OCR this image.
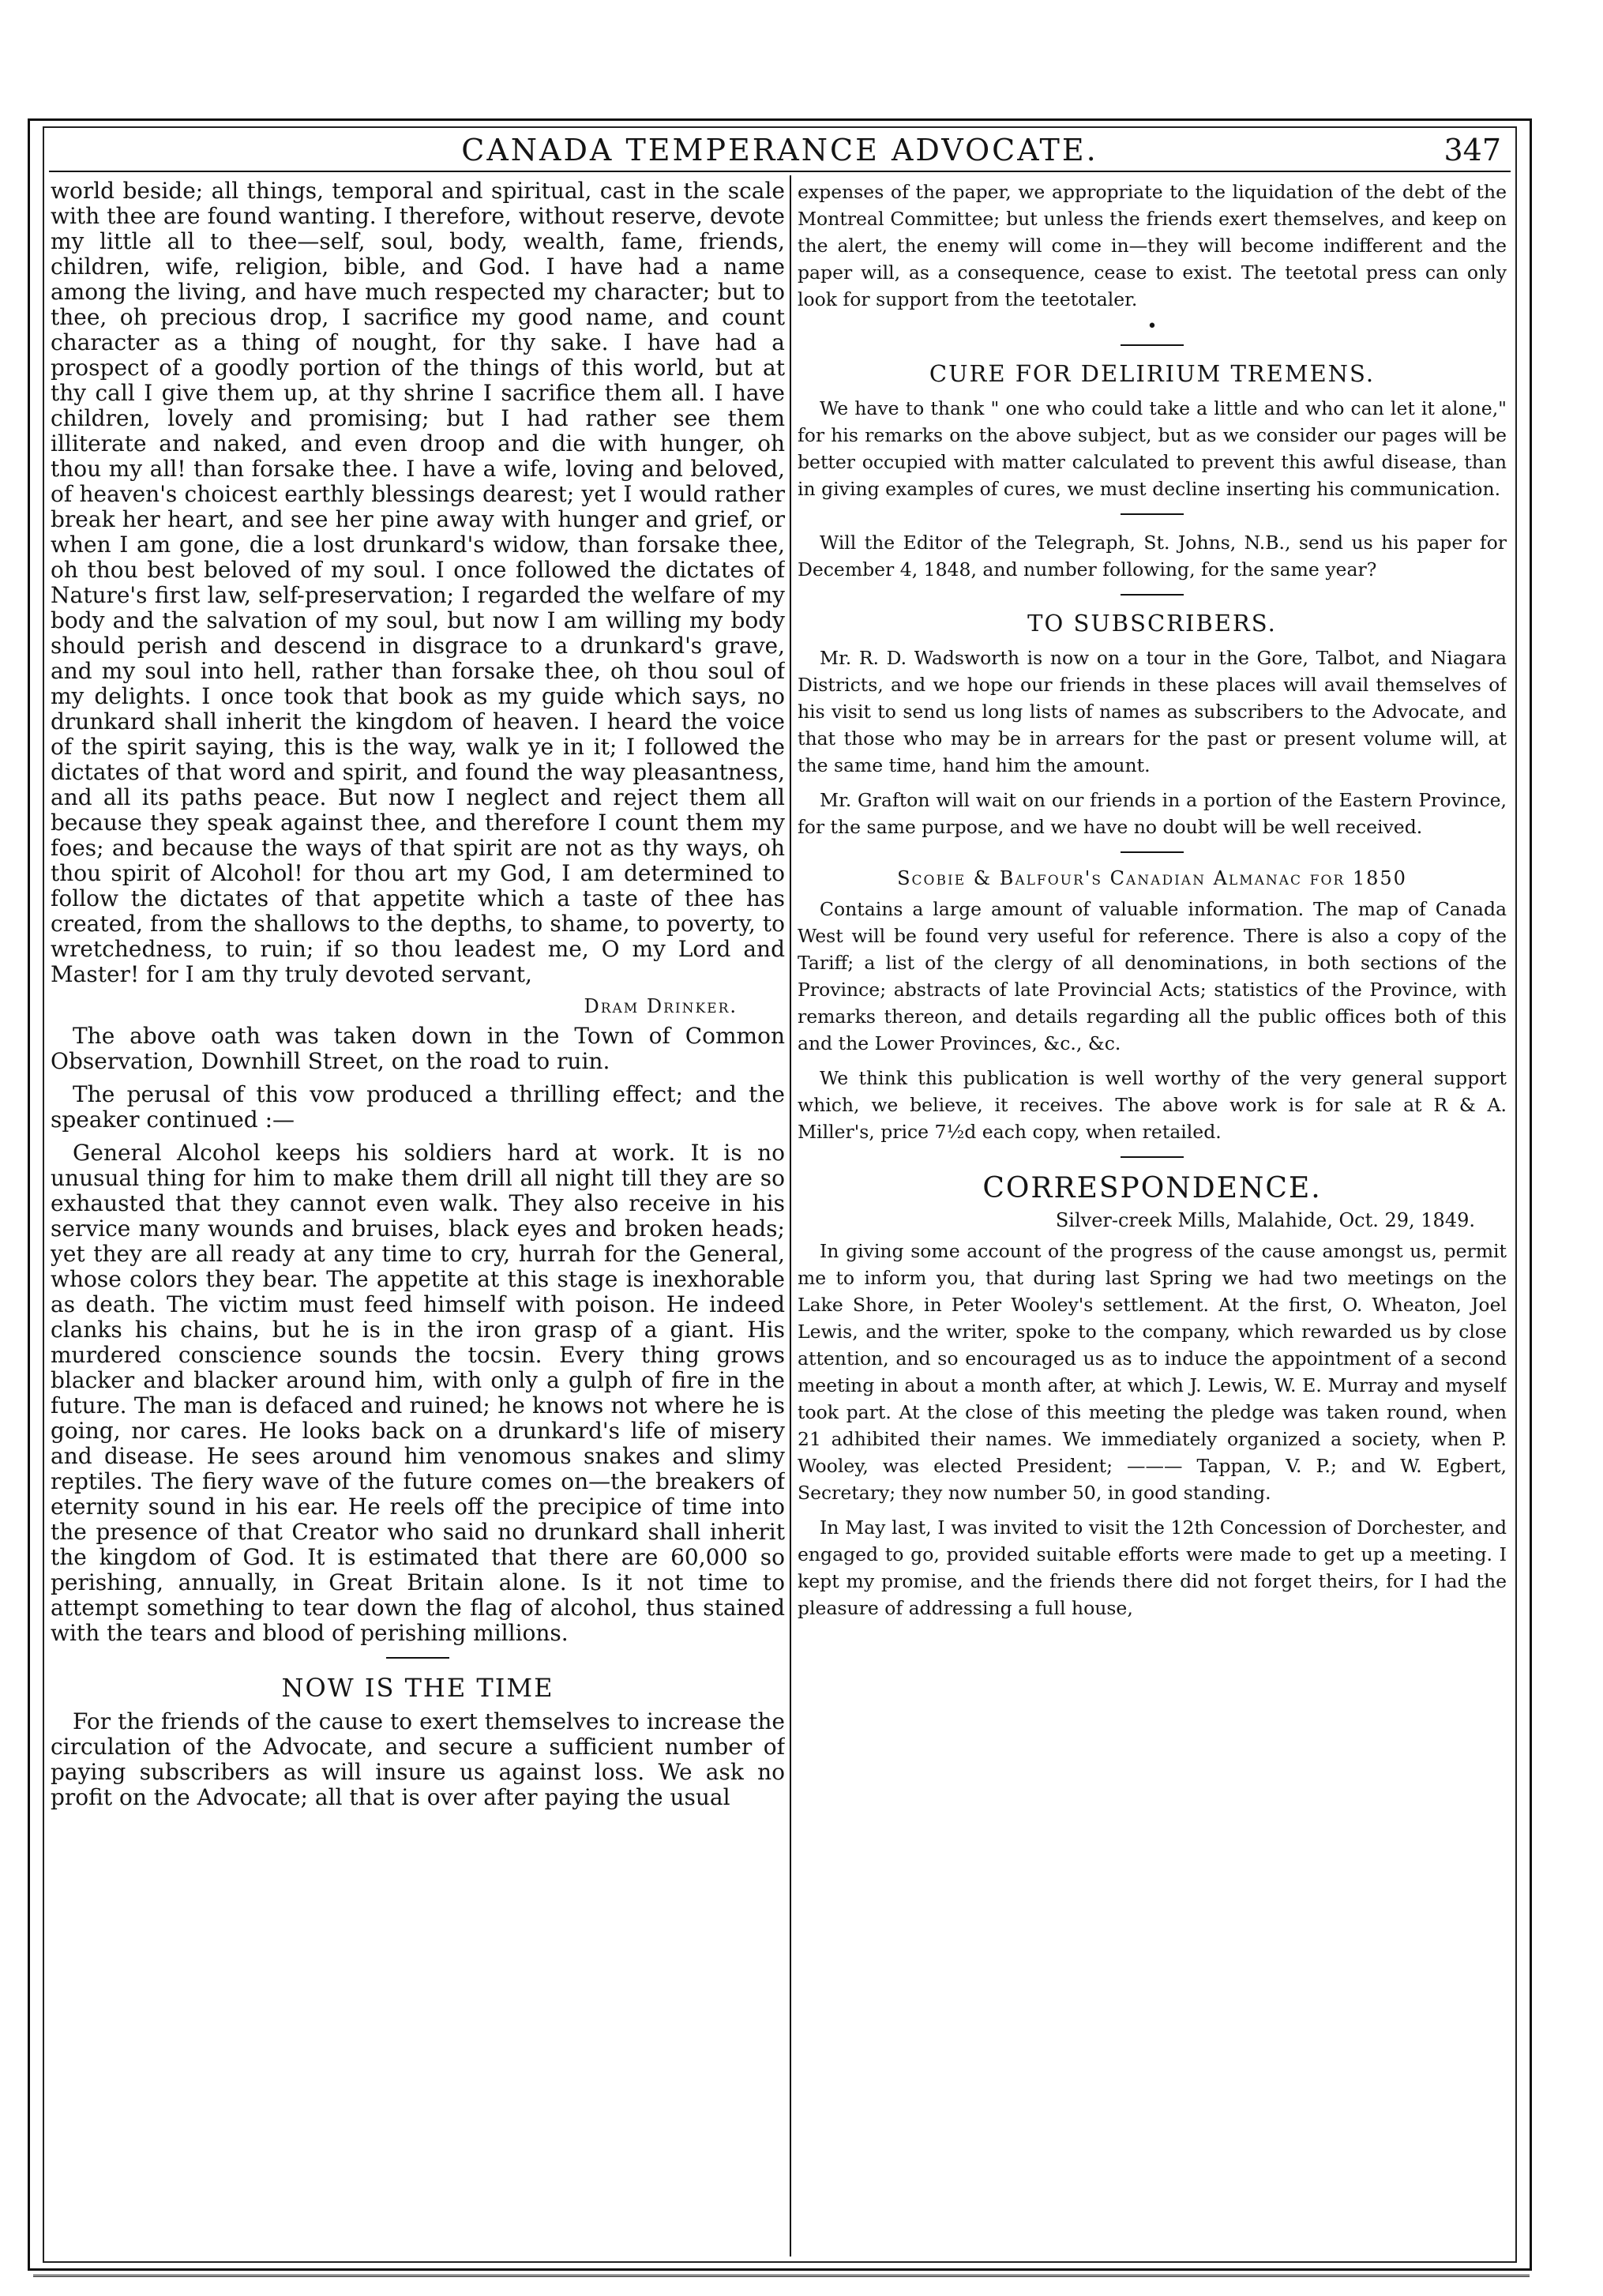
CANADA TEMPERANCE ADVOCATE.	347

world beside; all things, temporal and spiritual, cast in the scale with thee are found wanting. I therefore, without reserve, devote my little all to thee—self, soul, body, wealth, fame, friends, children, wife, religion, bible, and God. I have had a name among the living, and have much respected my character; but to thee, oh precious drop, I sacrifice my good name, and count character as a thing of nought, for thy sake. I have had a prospect of a goodly portion of the things of this world, but at thy call I give them up, at thy shrine I sacrifice them all. I have children, lovely and promising; but I had rather see them illiterate and naked, and even droop and die with hunger, oh thou my all! than forsake thee. I have a wife, loving and beloved, of heaven's choicest earthly blessings dearest; yet I would rather break her heart, and see her pine away with hunger and grief, or when I am gone, die a lost drunkard's widow, than forsake thee, oh thou best beloved of my soul. I once followed the dictates of Nature's first law, self-preservation; I regarded the welfare of my body and the salvation of my soul, but now I am willing my body should perish and descend in disgrace to a drunkard's grave, and my soul into hell, rather than forsake thee, oh thou soul of my delights. I once took that book as my guide which says, no drunkard shall inherit the kingdom of heaven. I heard the voice of the spirit saying, this is the way, walk ye in it; I followed the dictates of that word and spirit, and found the way pleasantness, and all its paths peace. But now I neglect and reject them all because they speak against thee, and therefore I count them my foes; and because the ways of that spirit are not as thy ways, oh thou spirit of Alcohol! for thou art my God, I am determined to follow the dictates of that appetite which a taste of thee has created, from the shallows to the depths, to shame, to poverty, to wretchedness, to ruin; if so thou leadest me, O my Lord and Master! for I am thy truly devoted servant,

Dram Drinker.

The above oath was taken down in the Town of Common Observation, Downhill Street, on the road to ruin.

The perusal of this vow produced a thrilling effect; and the speaker continued :—

General Alcohol keeps his soldiers hard at work. It is no unusual thing for him to make them drill all night till they are so exhausted that they cannot even walk. They also receive in his service many wounds and bruises, black eyes and broken heads; yet they are all ready at any time to cry, hurrah for the General, whose colors they bear. The appetite at this stage is inexhorable as death. The victim must feed himself with poison. He indeed clanks his chains, but he is in the iron grasp of a giant. His murdered conscience sounds the tocsin. Every thing grows blacker and blacker around him, with only a gulph of fire in the future. The man is defaced and ruined; he knows not where he is going, nor cares. He looks back on a drunkard's life of misery and disease. He sees around him venomous snakes and slimy reptiles. The fiery wave of the future comes on—the breakers of eternity sound in his ear. He reels off the precipice of time into the presence of that Creator who said no drunkard shall inherit the kingdom of God. It is estimated that there are 60,000 so perishing, annually, in Great Britain alone. Is it not time to attempt something to tear down the flag of alcohol, thus stained with the tears and blood of perishing millions.

NOW IS THE TIME

For the friends of the cause to exert themselves to increase the circulation of the Advocate, and secure a sufficient number of paying subscribers as will insure us against loss. We ask no profit on the Advocate; all that is over after paying the usual

expenses of the paper, we appropriate to the liquidation of the debt of the Montreal Committee; but unless the friends exert themselves, and keep on the alert, the enemy will come in—they will become indifferent and the paper will, as a consequence, cease to exist. The teetotal press can only look for support from the teetotaler.

•
CURE FOR DELIRIUM TREMENS.

We have to thank " one who could take a little and who can let it alone," for his remarks on the above subject, but as we consider our pages will be better occupied with matter calculated to prevent this awful disease, than in giving examples of cures, we must decline inserting his communication.

Will the Editor of the Telegraph, St. Johns, N.B., send us his paper for December 4, 1848, and number following, for the same year?

TO SUBSCRIBERS.

Mr. R. D. Wadsworth is now on a tour in the Gore, Talbot, and Niagara Districts, and we hope our friends in these places will avail themselves of his visit to send us long lists of names as subscribers to the Advocate, and that those who may be in arrears for the past or present volume will, at the same time, hand him the amount.

Mr. Grafton will wait on our friends in a portion of the Eastern Province, for the same purpose, and we have no doubt will be well received.

Scobie & Balfour's Canadian Almanac for 1850

Contains a large amount of valuable information. The map of Canada West will be found very useful for reference. There is also a copy of the Tariff; a list of the clergy of all denominations, in both sections of the Province; abstracts of late Provincial Acts; statistics of the Province, with remarks thereon, and details regarding all the public offices both of this and the Lower Provinces, &c., &c.

We think this publication is well worthy of the very general support which, we believe, it receives. The above work is for sale at R & A. Miller's, price 7½d each copy, when retailed.

CORRESPONDENCE.
Silver-creek Mills, Malahide, Oct. 29, 1849.

In giving some account of the progress of the cause amongst us, permit me to inform you, that during last Spring we had two meetings on the Lake Shore, in Peter Wooley's settlement. At the first, O. Wheaton, Joel Lewis, and the writer, spoke to the company, which rewarded us by close attention, and so encouraged us as to induce the appointment of a second meeting in about a month after, at which J. Lewis, W. E. Murray and myself took part. At the close of this meeting the pledge was taken round, when 21 adhibited their names. We immediately organized a society, when P. Wooley, was elected President; ——— Tappan, V. P.; and W. Egbert, Secretary; they now number 50, in good standing.

In May last, I was invited to visit the 12th Concession of Dorchester, and engaged to go, provided suitable efforts were made to get up a meeting. I kept my promise, and the friends there did not forget theirs, for I had the pleasure of addressing a full house,
